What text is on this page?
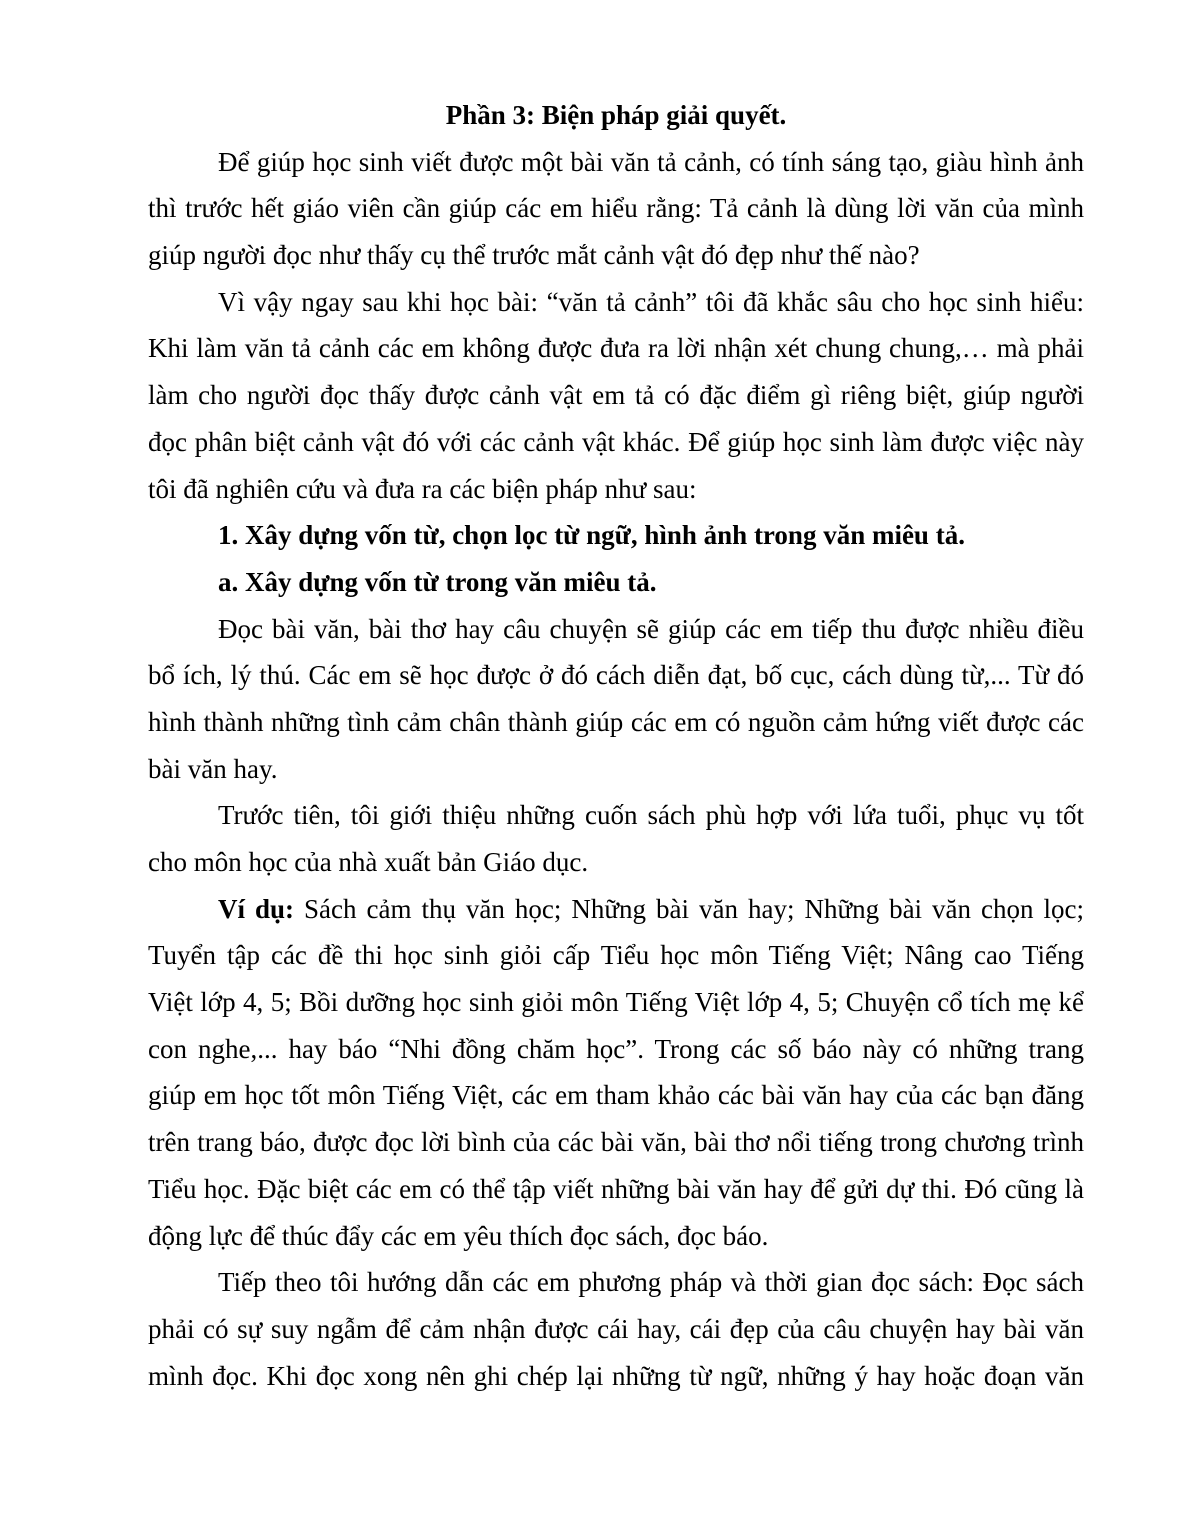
Phần 3: Biện pháp giải quyết.
Để giúp học sinh viết được một bài văn tả cảnh, có tính sáng tạo, giàu hình ảnh
thì trước hết giáo viên cần giúp các em hiểu rằng: Tả cảnh là dùng lời văn của mình
giúp người đọc như thấy cụ thể trước mắt cảnh vật đó đẹp như thế nào?
Vì vậy ngay sau khi học bài: “văn tả cảnh” tôi đã khắc sâu cho học sinh hiểu:
Khi làm văn tả cảnh các em không được đưa ra lời nhận xét chung chung,… mà phải
làm cho người đọc thấy được cảnh vật em tả có đặc điểm gì riêng biệt, giúp người
đọc phân biệt cảnh vật đó với các cảnh vật khác. Để giúp học sinh làm được việc này
tôi đã nghiên cứu và đưa ra các biện pháp như sau:
1. Xây dựng vốn từ, chọn lọc từ ngữ, hình ảnh trong văn miêu tả.
a. Xây dựng vốn từ trong văn miêu tả.
Đọc bài văn, bài thơ hay câu chuyện sẽ giúp các em tiếp thu được nhiều điều
bổ ích, lý thú. Các em sẽ học được ở đó cách diễn đạt, bố cục, cách dùng từ,... Từ đó
hình thành những tình cảm chân thành giúp các em có nguồn cảm hứng viết được các
bài văn hay.
Trước tiên, tôi giới thiệu những cuốn sách phù hợp với lứa tuổi, phục vụ tốt
cho môn học của nhà xuất bản Giáo dục.
Ví dụ: Sách cảm thụ văn học; Những bài văn hay; Những bài văn chọn lọc;
Tuyển tập các đề thi học sinh giỏi cấp Tiểu học môn Tiếng Việt; Nâng cao Tiếng
Việt lớp 4, 5; Bồi dưỡng học sinh giỏi môn Tiếng Việt lớp 4, 5; Chuyện cổ tích mẹ kể
con nghe,... hay báo “Nhi đồng chăm học”. Trong các số báo này có những trang
giúp em học tốt môn Tiếng Việt, các em tham khảo các bài văn hay của các bạn đăng
trên trang báo, được đọc lời bình của các bài văn, bài thơ nổi tiếng trong chương trình
Tiểu học. Đặc biệt các em có thể tập viết những bài văn hay để gửi dự thi. Đó cũng là
động lực để thúc đẩy các em yêu thích đọc sách, đọc báo.
Tiếp theo tôi hướng dẫn các em phương pháp và thời gian đọc sách: Đọc sách
phải có sự suy ngẫm để cảm nhận được cái hay, cái đẹp của câu chuyện hay bài văn
mình đọc. Khi đọc xong nên ghi chép lại những từ ngữ, những ý hay hoặc đoạn văn
